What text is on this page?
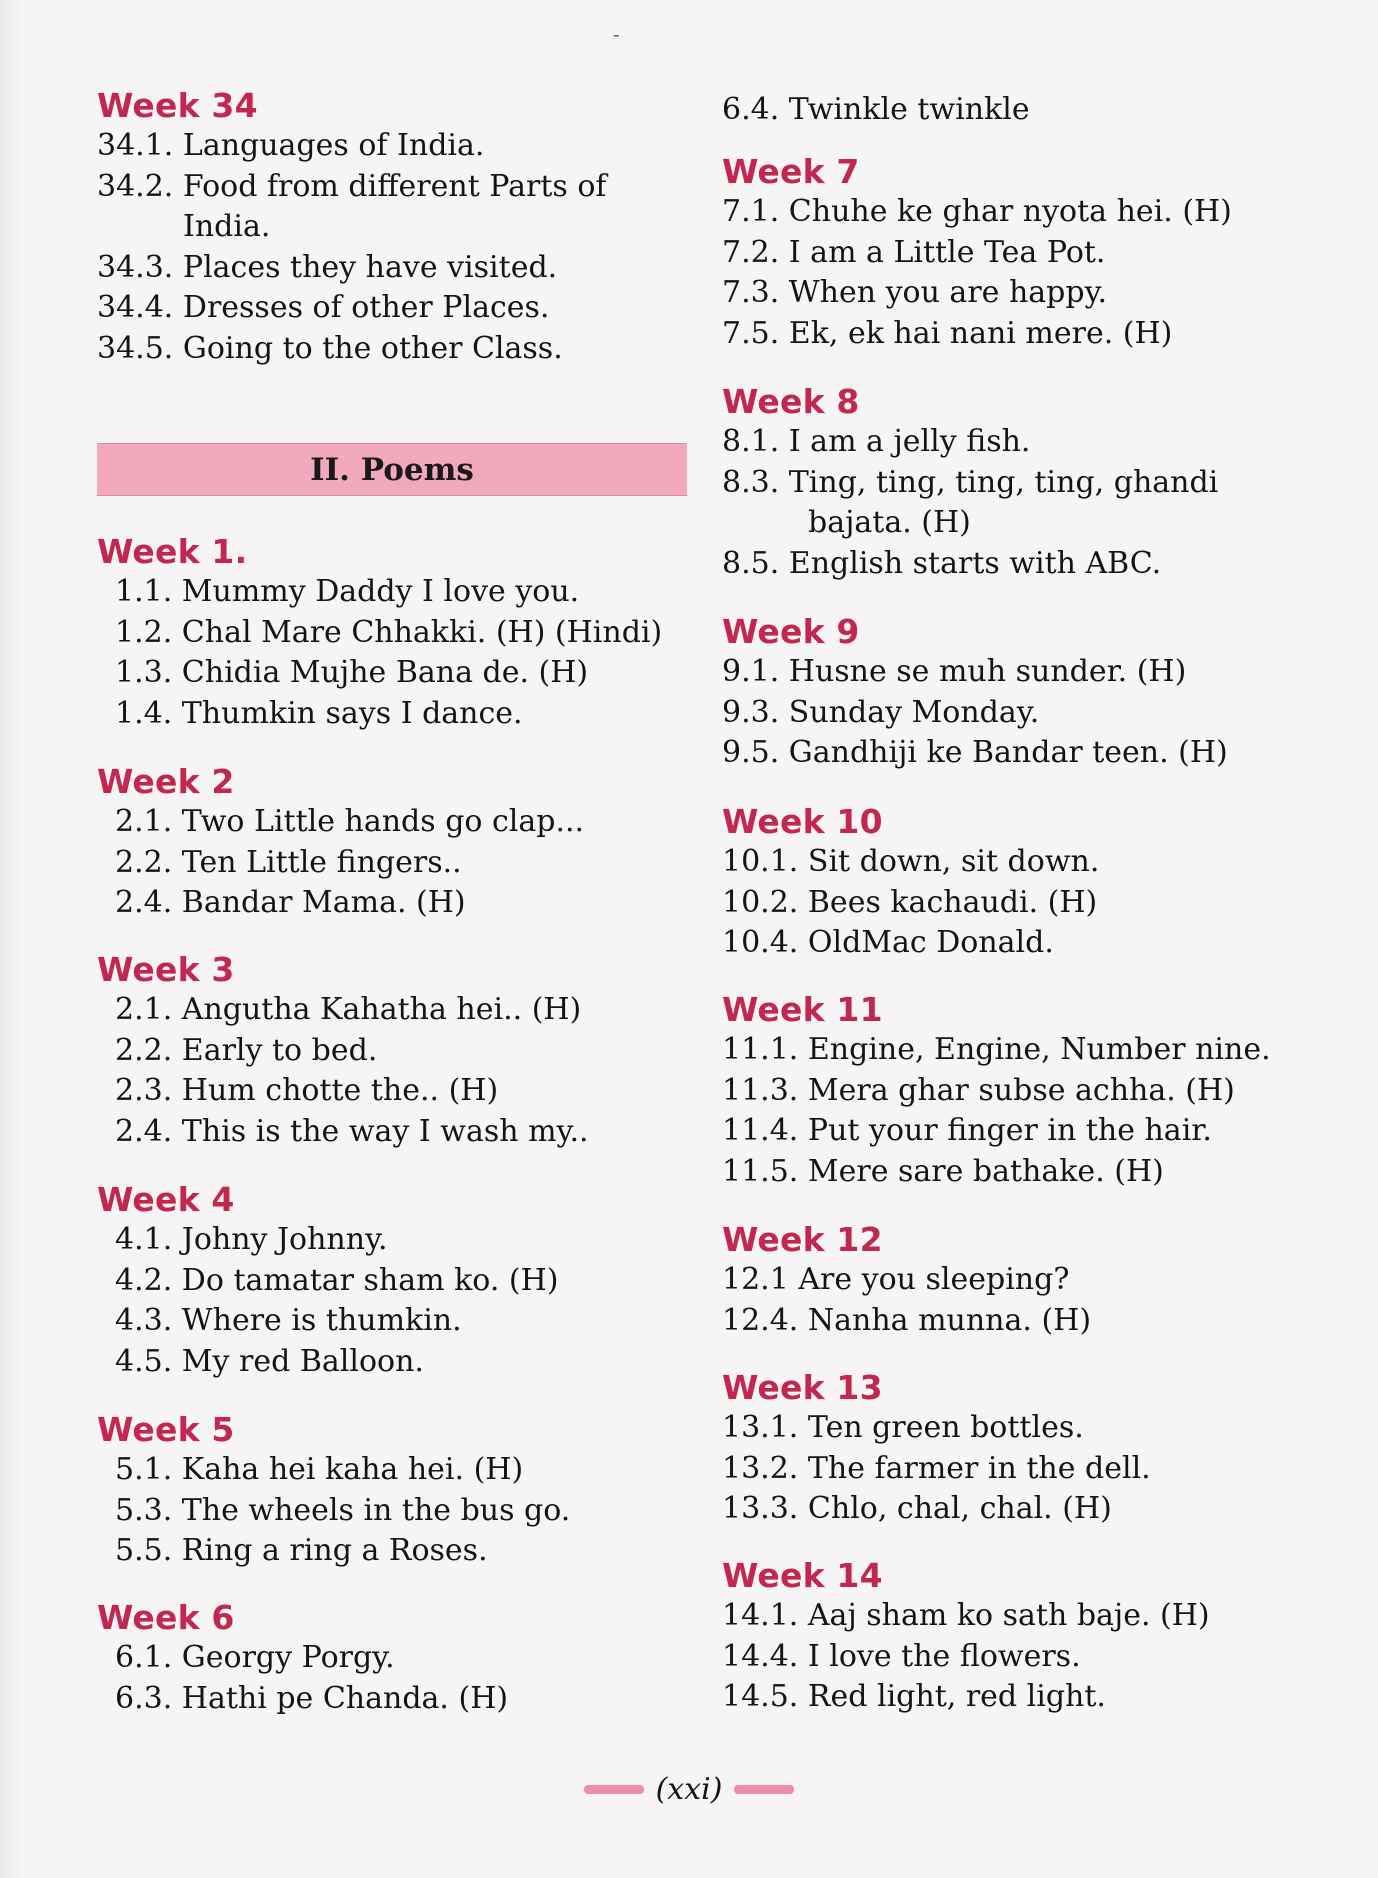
-
II. Poems
Week 34
34.1. Languages of India.
34.2. Food from different Parts of
India.
34.3. Places they have visited.
34.4. Dresses of other Places.
34.5. Going to the other Class.
Week 1.
1.1. Mummy Daddy I love you.
1.2. Chal Mare Chhakki. (H) (Hindi)
1.3. Chidia Mujhe Bana de. (H)
1.4. Thumkin says I dance.
Week 2
2.1. Two Little hands go clap...
2.2. Ten Little fingers..
2.4. Bandar Mama. (H)
Week 3
2.1. Angutha Kahatha hei.. (H)
2.2. Early to bed.
2.3. Hum chotte the.. (H)
2.4. This is the way I wash my..
Week 4
4.1. Johny Johnny.
4.2. Do tamatar sham ko. (H)
4.3. Where is thumkin.
4.5. My red Balloon.
Week 5
5.1. Kaha hei kaha hei. (H)
5.3. The wheels in the bus go.
5.5. Ring a ring a Roses.
Week 6
6.1. Georgy Porgy.
6.3. Hathi pe Chanda. (H)
6.4. Twinkle twinkle
Week 7
7.1. Chuhe ke ghar nyota hei. (H)
7.2. I am a Little Tea Pot.
7.3. When you are happy.
7.5. Ek, ek hai nani mere. (H)
Week 8
8.1. I am a jelly fish.
8.3. Ting, ting, ting, ting, ghandi
bajata. (H)
8.5. English starts with ABC.
Week 9
9.1. Husne se muh sunder. (H)
9.3. Sunday Monday.
9.5. Gandhiji ke Bandar teen. (H)
Week 10
10.1. Sit down, sit down.
10.2. Bees kachaudi. (H)
10.4. OldMac Donald.
Week 11
11.1. Engine, Engine, Number nine.
11.3. Mera ghar subse achha. (H)
11.4. Put your finger in the hair.
11.5. Mere sare bathake. (H)
Week 12
12.1 Are you sleeping?
12.4. Nanha munna. (H)
Week 13
13.1. Ten green bottles.
13.2. The farmer in the dell.
13.3. Chlo, chal, chal. (H)
Week 14
14.1. Aaj sham ko sath baje. (H)
14.4. I love the flowers.
14.5. Red light, red light.
(xxi)
